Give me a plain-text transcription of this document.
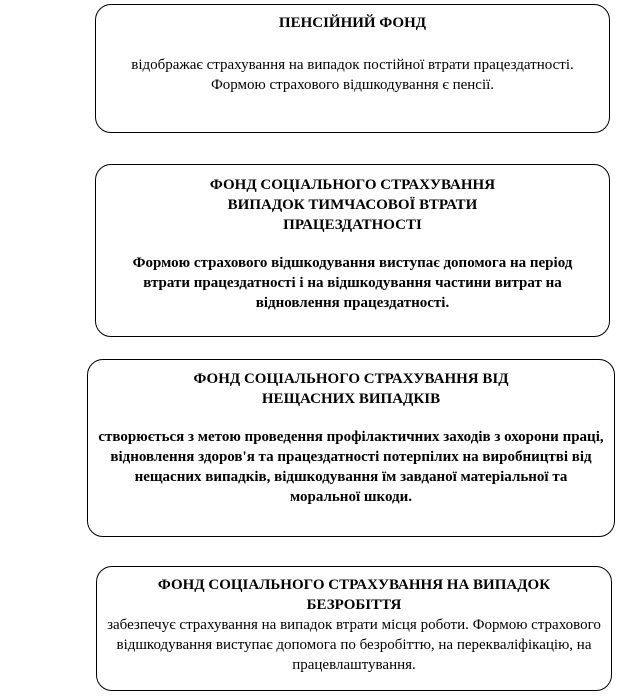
ПЕНСІЙНИЙ ФОНД
відображає страхування на випадок постійної втрати працездатності. Формою страхового відшкодування є пенсії.
ФОНД СОЦІАЛЬНОГО СТРАХУВАННЯ
ВИПАДОК ТИМЧАСОВОЇ ВТРАТИ
ПРАЦЕЗДАТНОСТІ
Формою страхового відшкодування виступає допомога на період втрати працездатності і на відшкодування частини витрат на відновлення працездатності.
ФОНД СОЦІАЛЬНОГО СТРАХУВАННЯ ВІД
НЕЩАСНИХ ВИПАДКІВ
створюється з метою проведення профілактичних заходів з охорони праці, відновлення здоров'я та працездатності потерпілих на виробництві від нещасних випадків, відшкодування їм завданої матеріальної та моральної шкоди.
ФОНД СОЦІАЛЬНОГО СТРАХУВАННЯ НА ВИПАДОК
БЕЗРОБІТТЯ
забезпечує страхування на випадок втрати місця роботи. Формою страхового відшкодування виступає допомога по безробіттю, на перекваліфікацію, на працевлаштування.
